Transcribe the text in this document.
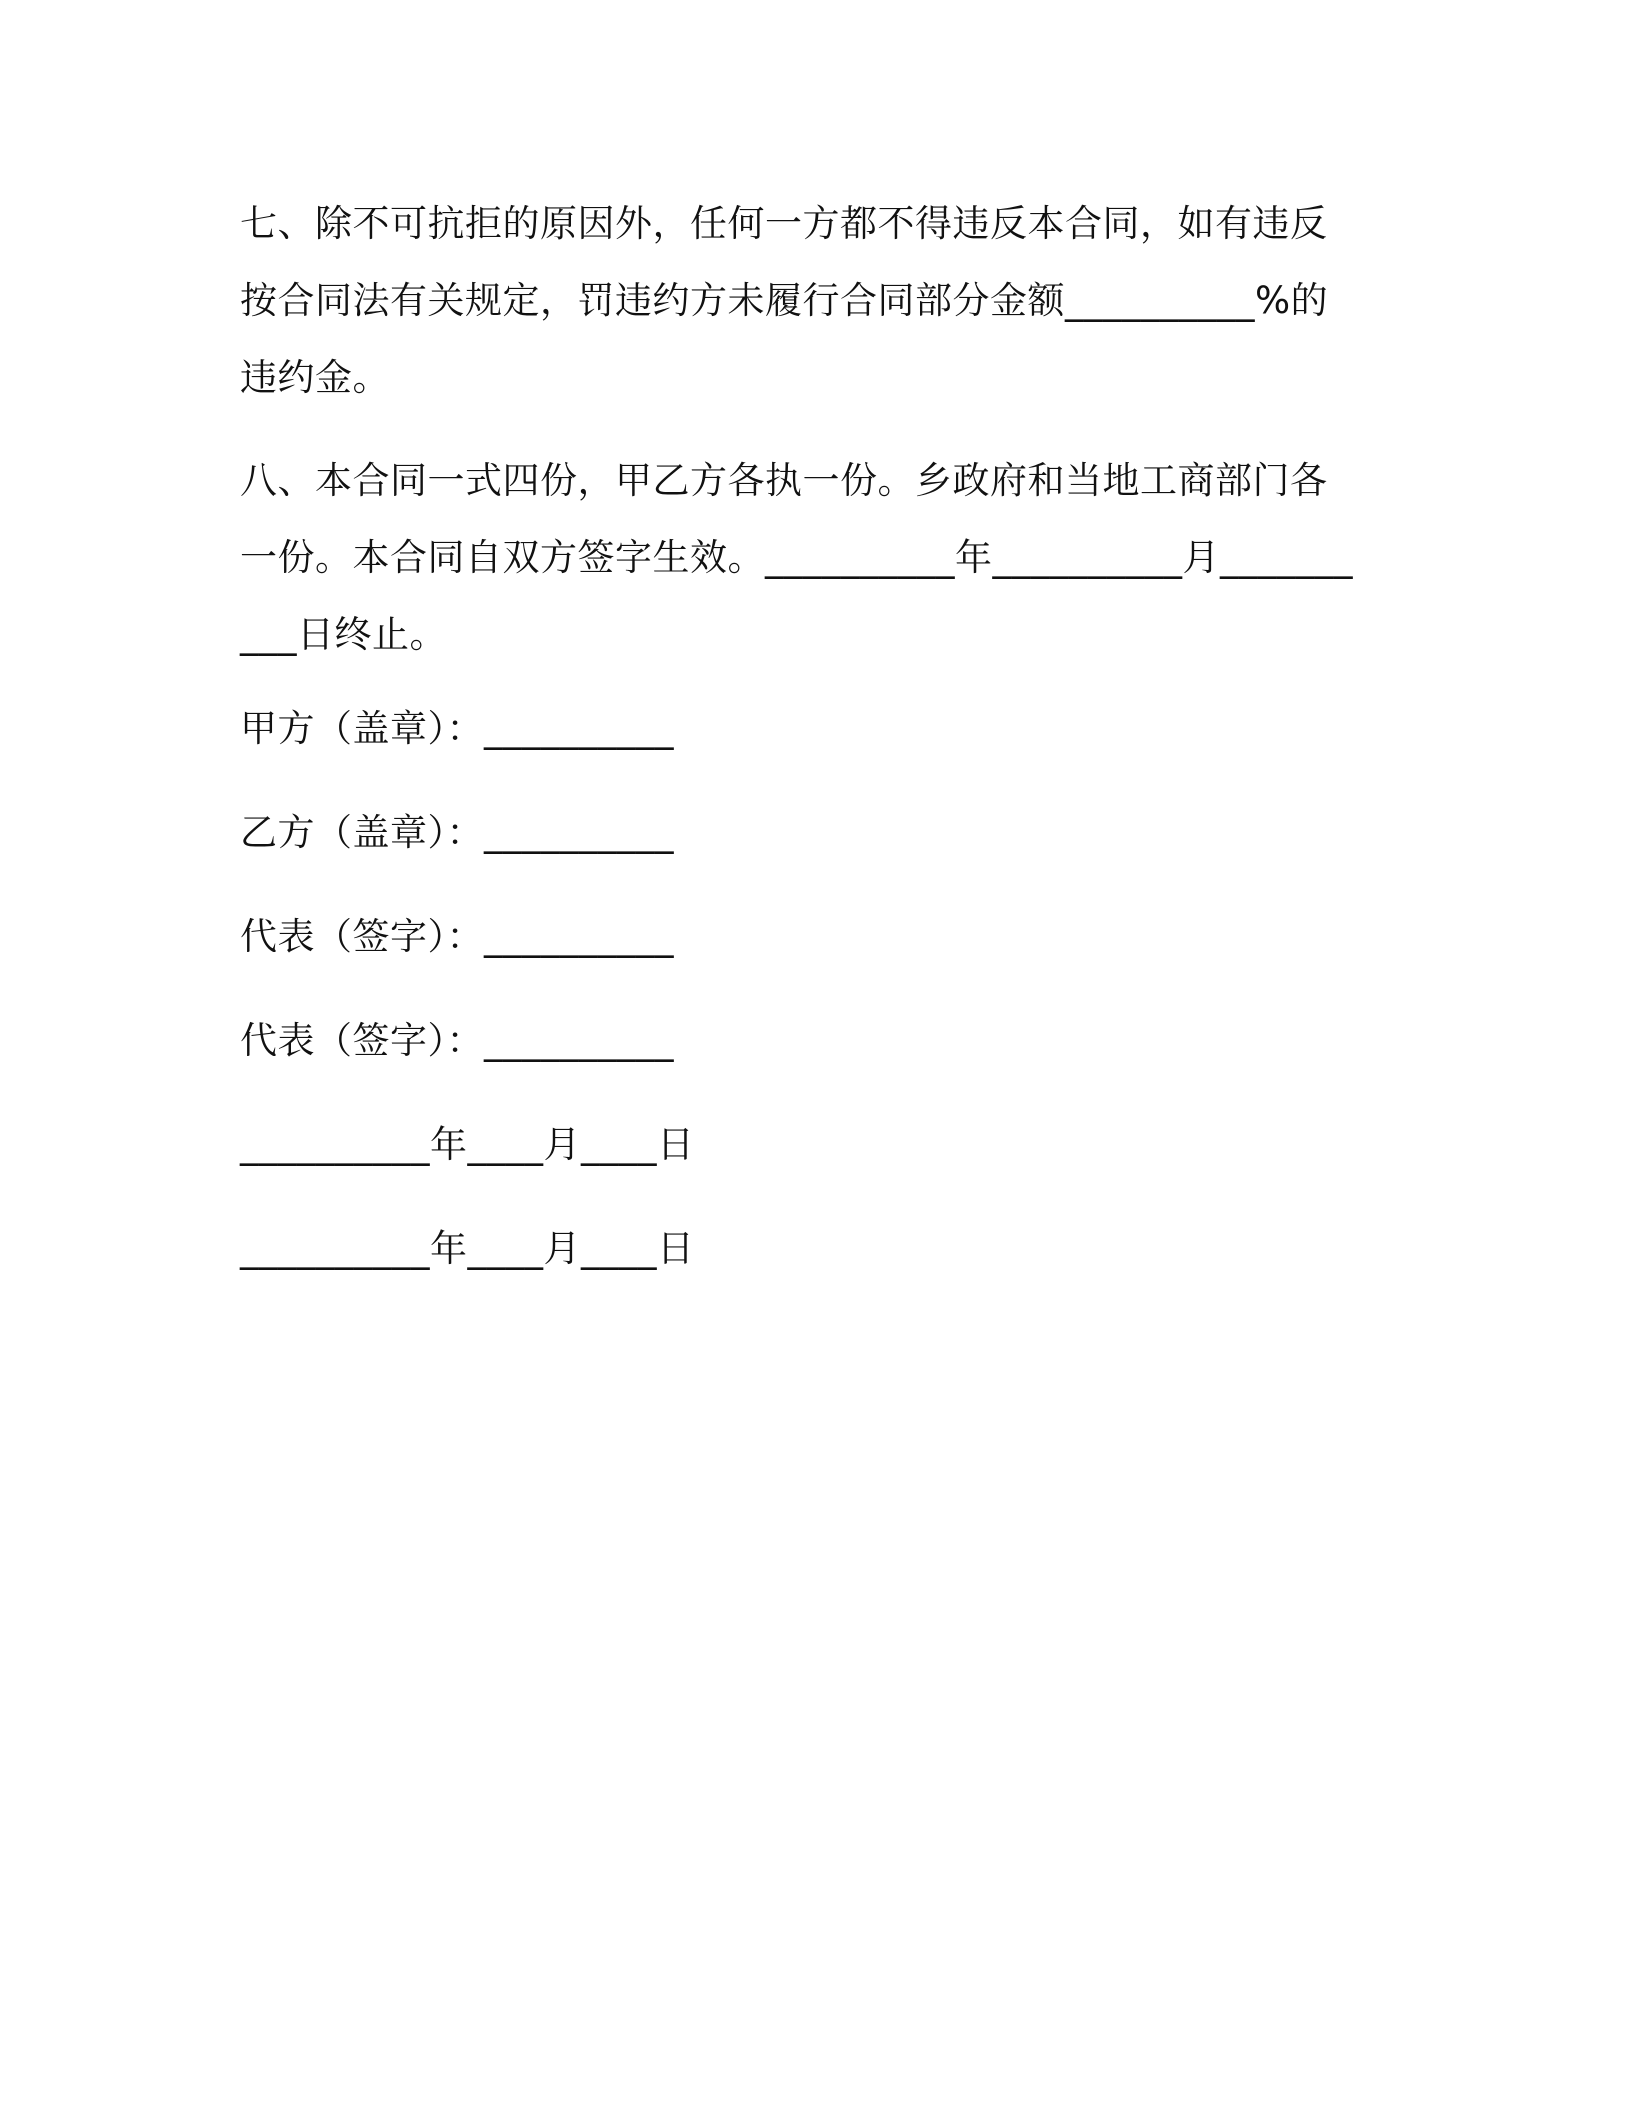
七、除不可抗拒的原因外，任何一方都不得违反本合同，如有违反按合同法有关规定，罚违约方未履行合同部分金额__________%的违约金。

八、本合同一式四份，甲乙方各执一份。乡政府和当地工商部门各一份。本合同自双方签字生效。__________年__________月__________日终止。

甲方（盖章）：__________
乙方（盖章）：__________
代表（签字）：__________
代表（签字）：__________
__________年____月____日
__________年____月____日
